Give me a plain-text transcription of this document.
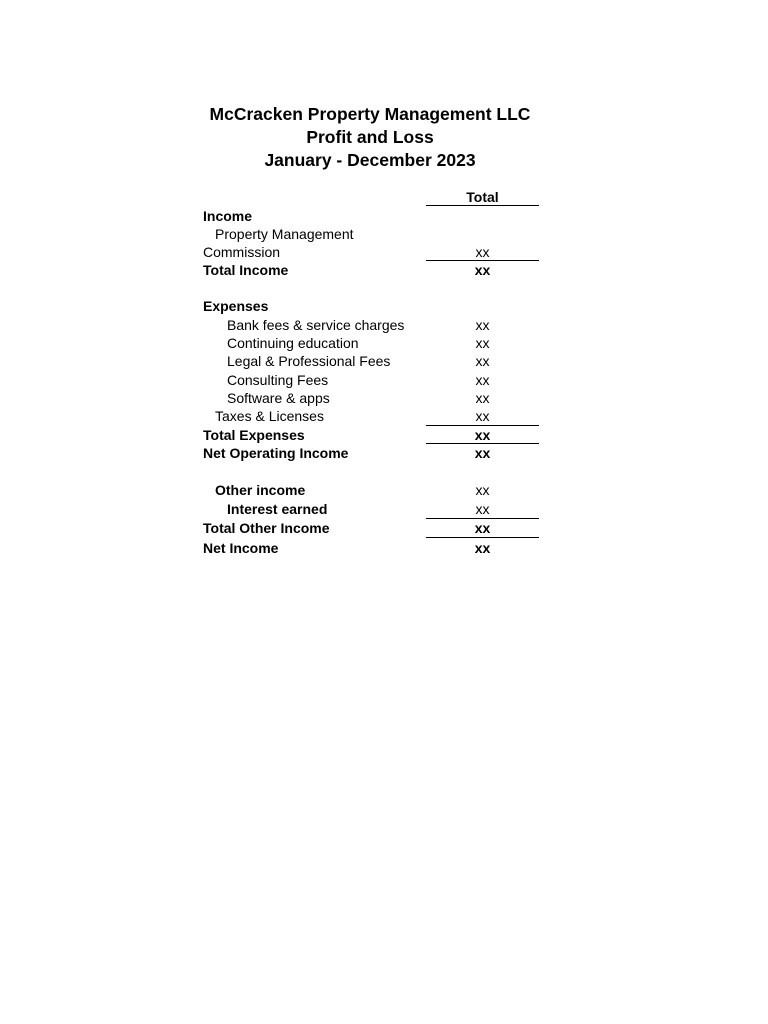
McCracken Property Management LLC
Profit and Loss
January - December 2023
Total
Income
Property Management
Commission	xx
Total Income	xx
Expenses
Bank fees & service charges	xx
Continuing education	xx
Legal & Professional Fees	xx
Consulting Fees	xx
Software & apps	xx
Taxes & Licenses	xx
Total Expenses	xx
Net Operating Income	xx
Other income	xx
Interest earned	xx
Total Other Income	xx
Net Income	xx
